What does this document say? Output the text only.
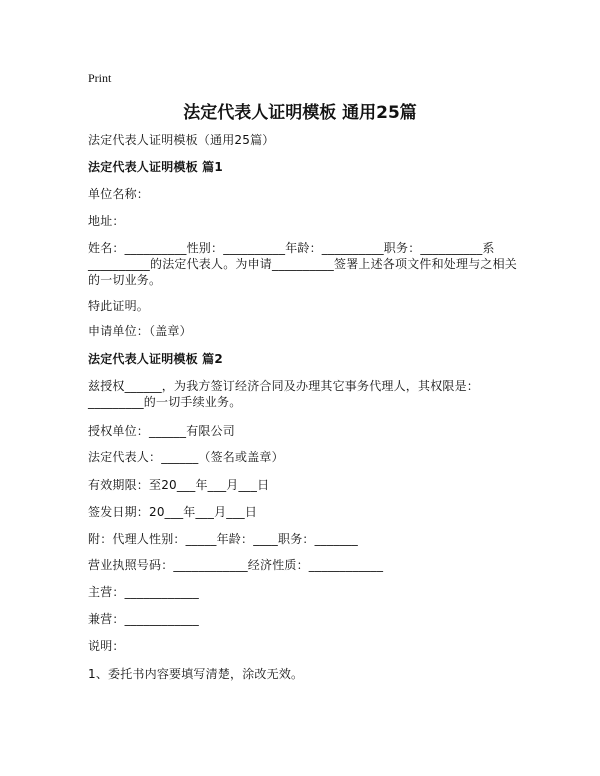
Print
法定代表人证明模板 通用25篇
法定代表人证明模板（通用25篇）
法定代表人证明模板 篇1
单位名称：
地址：
姓名：__________性别：__________年龄：__________职务：__________系__________的法定代表人。为申请__________签署上述各项文件和处理与之相关的一切业务。
特此证明。
申请单位：（盖章）
法定代表人证明模板 篇2
兹授权______，为我方签订经济合同及办理其它事务代理人，其权限是：_________的一切手续业务。
授权单位：______有限公司
法定代表人：______（签名或盖章）
有效期限：至20___年___月___日
签发日期：20___年___月___日
附：代理人性别：_____年龄：____职务：_______
营业执照号码：____________经济性质：____________
主营：____________
兼营：____________
说明：
1、委托书内容要填写清楚，涂改无效。
